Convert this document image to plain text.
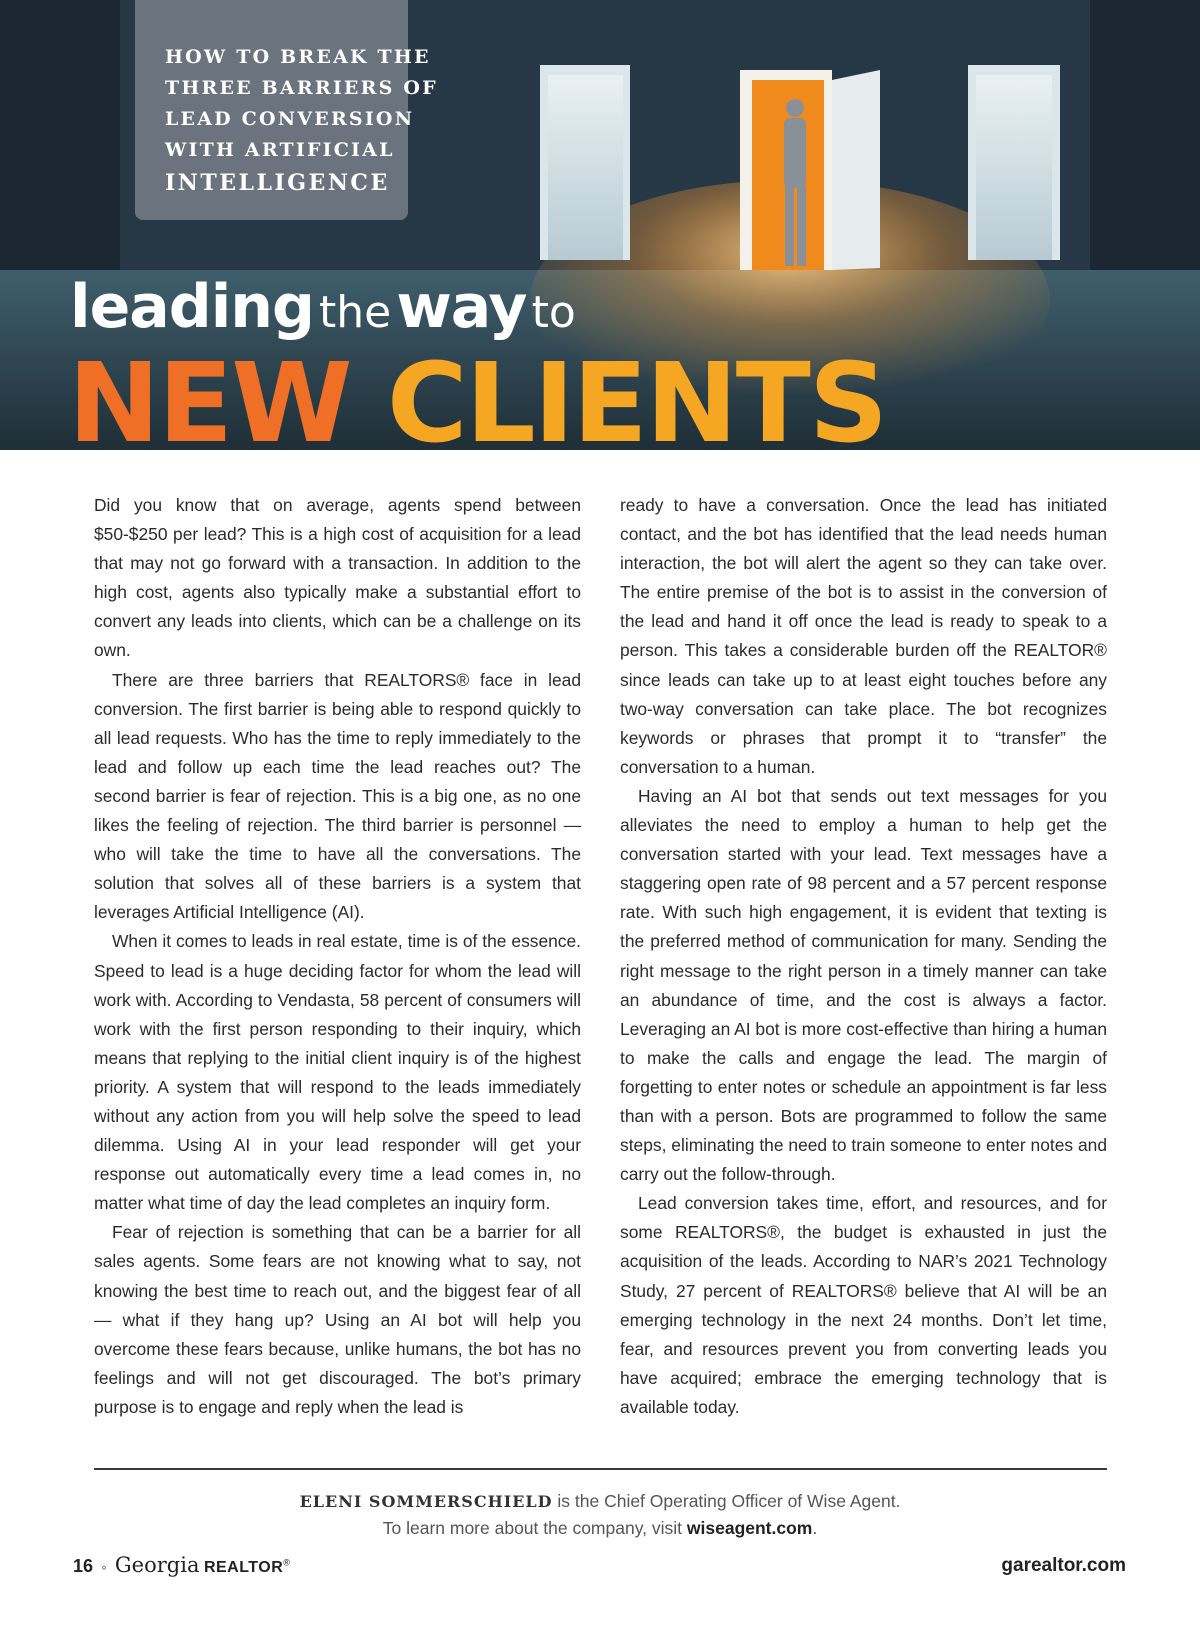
HOW TO BREAK THE
THREE BARRIERS OF
LEAD CONVERSION
WITH ARTIFICIAL
INTELLIGENCE
leading the way to
NEW CLIENTS

Did you know that on average, agents spend between $50-$250 per lead? This is a high cost of acquisition for a lead that may not go forward with a transaction. In addition to the high cost, agents also typically make a substantial effort to convert any leads into clients, which can be a challenge on its own.

There are three barriers that REALTORS® face in lead conversion. The first barrier is being able to respond quickly to all lead requests. Who has the time to reply immediately to the lead and follow up each time the lead reaches out? The second barrier is fear of rejection. This is a big one, as no one likes the feeling of rejection. The third barrier is personnel — who will take the time to have all the conversations. The solution that solves all of these barriers is a system that leverages Artificial Intelligence (AI).

When it comes to leads in real estate, time is of the essence. Speed to lead is a huge deciding factor for whom the lead will work with. According to Vendasta, 58 percent of consumers will work with the first person responding to their inquiry, which means that replying to the initial client inquiry is of the highest priority. A system that will respond to the leads immediately without any action from you will help solve the speed to lead dilemma. Using AI in your lead responder will get your response out automatically every time a lead comes in, no matter what time of day the lead completes an inquiry form.

Fear of rejection is something that can be a barrier for all sales agents. Some fears are not knowing what to say, not knowing the best time to reach out, and the biggest fear of all — what if they hang up? Using an AI bot will help you overcome these fears because, unlike humans, the bot has no feelings and will not get discouraged. The bot’s primary purpose is to engage and reply when the lead is

ready to have a conversation. Once the lead has initiated contact, and the bot has identified that the lead needs human interaction, the bot will alert the agent so they can take over. The entire premise of the bot is to assist in the conversion of the lead and hand it off once the lead is ready to speak to a person. This takes a considerable burden off the REALTOR® since leads can take up to at least eight touches before any two-way conversation can take place. The bot recognizes keywords or phrases that prompt it to “transfer” the conversation to a human.

Having an AI bot that sends out text messages for you alleviates the need to employ a human to help get the conversation started with your lead. Text messages have a staggering open rate of 98 percent and a 57 percent response rate. With such high engagement, it is evident that texting is the preferred method of communication for many. Sending the right message to the right person in a timely manner can take an abundance of time, and the cost is always a factor. Leveraging an AI bot is more cost-effective than hiring a human to make the calls and engage the lead. The margin of forgetting to enter notes or schedule an appointment is far less than with a person. Bots are programmed to follow the same steps, eliminating the need to train someone to enter notes and carry out the follow-through.

Lead conversion takes time, effort, and resources, and for some REALTORS®, the budget is exhausted in just the acquisition of the leads. According to NAR’s 2021 Technology Study, 27 percent of REALTORS® believe that AI will be an emerging technology in the next 24 months. Don’t let time, fear, and resources prevent you from converting leads you have acquired; embrace the emerging technology that is available today.

ELENI SOMMERSCHIELD is the Chief Operating Officer of Wise Agent.
To learn more about the company, visit wiseagent.com.
16 ◦ Georgia REALTOR®	garealtor.com
